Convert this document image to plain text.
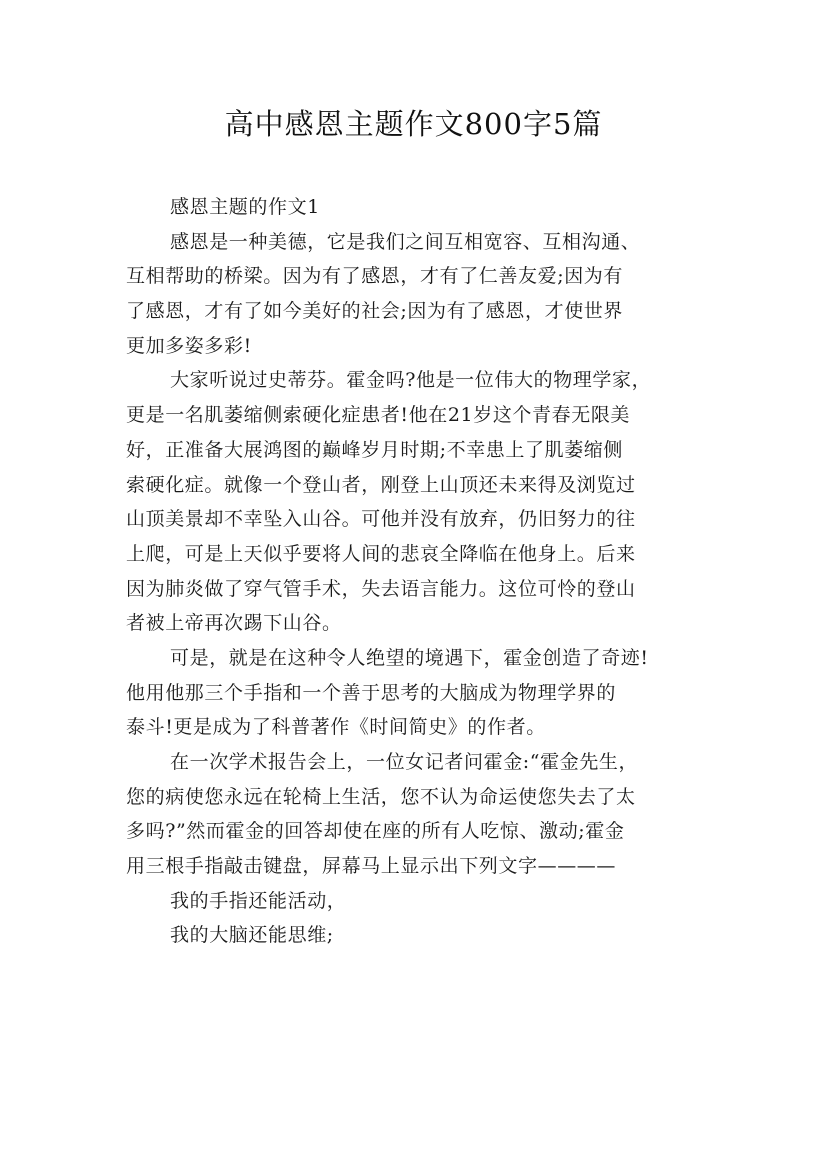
高中感恩主题作文800字5篇
感恩主题的作文1
感恩是一种美德，它是我们之间互相宽容、互相沟通、
互相帮助的桥梁。因为有了感恩，才有了仁善友爱;因为有
了感恩，才有了如今美好的社会;因为有了感恩，才使世界
更加多姿多彩!
大家听说过史蒂芬。霍金吗?他是一位伟大的物理学家，
更是一名肌萎缩侧索硬化症患者!他在21岁这个青春无限美
好，正准备大展鸿图的巅峰岁月时期;不幸患上了肌萎缩侧
索硬化症。就像一个登山者，刚登上山顶还未来得及浏览过
山顶美景却不幸坠入山谷。可他并没有放弃，仍旧努力的往
上爬，可是上天似乎要将人间的悲哀全降临在他身上。后来
因为肺炎做了穿气管手术，失去语言能力。这位可怜的登山
者被上帝再次踢下山谷。
可是，就是在这种令人绝望的境遇下，霍金创造了奇迹!
他用他那三个手指和一个善于思考的大脑成为物理学界的
泰斗!更是成为了科普著作《时间简史》的作者。
在一次学术报告会上，一位女记者问霍金:“霍金先生，
您的病使您永远在轮椅上生活，您不认为命运使您失去了太
多吗?”然而霍金的回答却使在座的所有人吃惊、激动;霍金
用三根手指敲击键盘，屏幕马上显示出下列文字————
我的手指还能活动，
我的大脑还能思维;
